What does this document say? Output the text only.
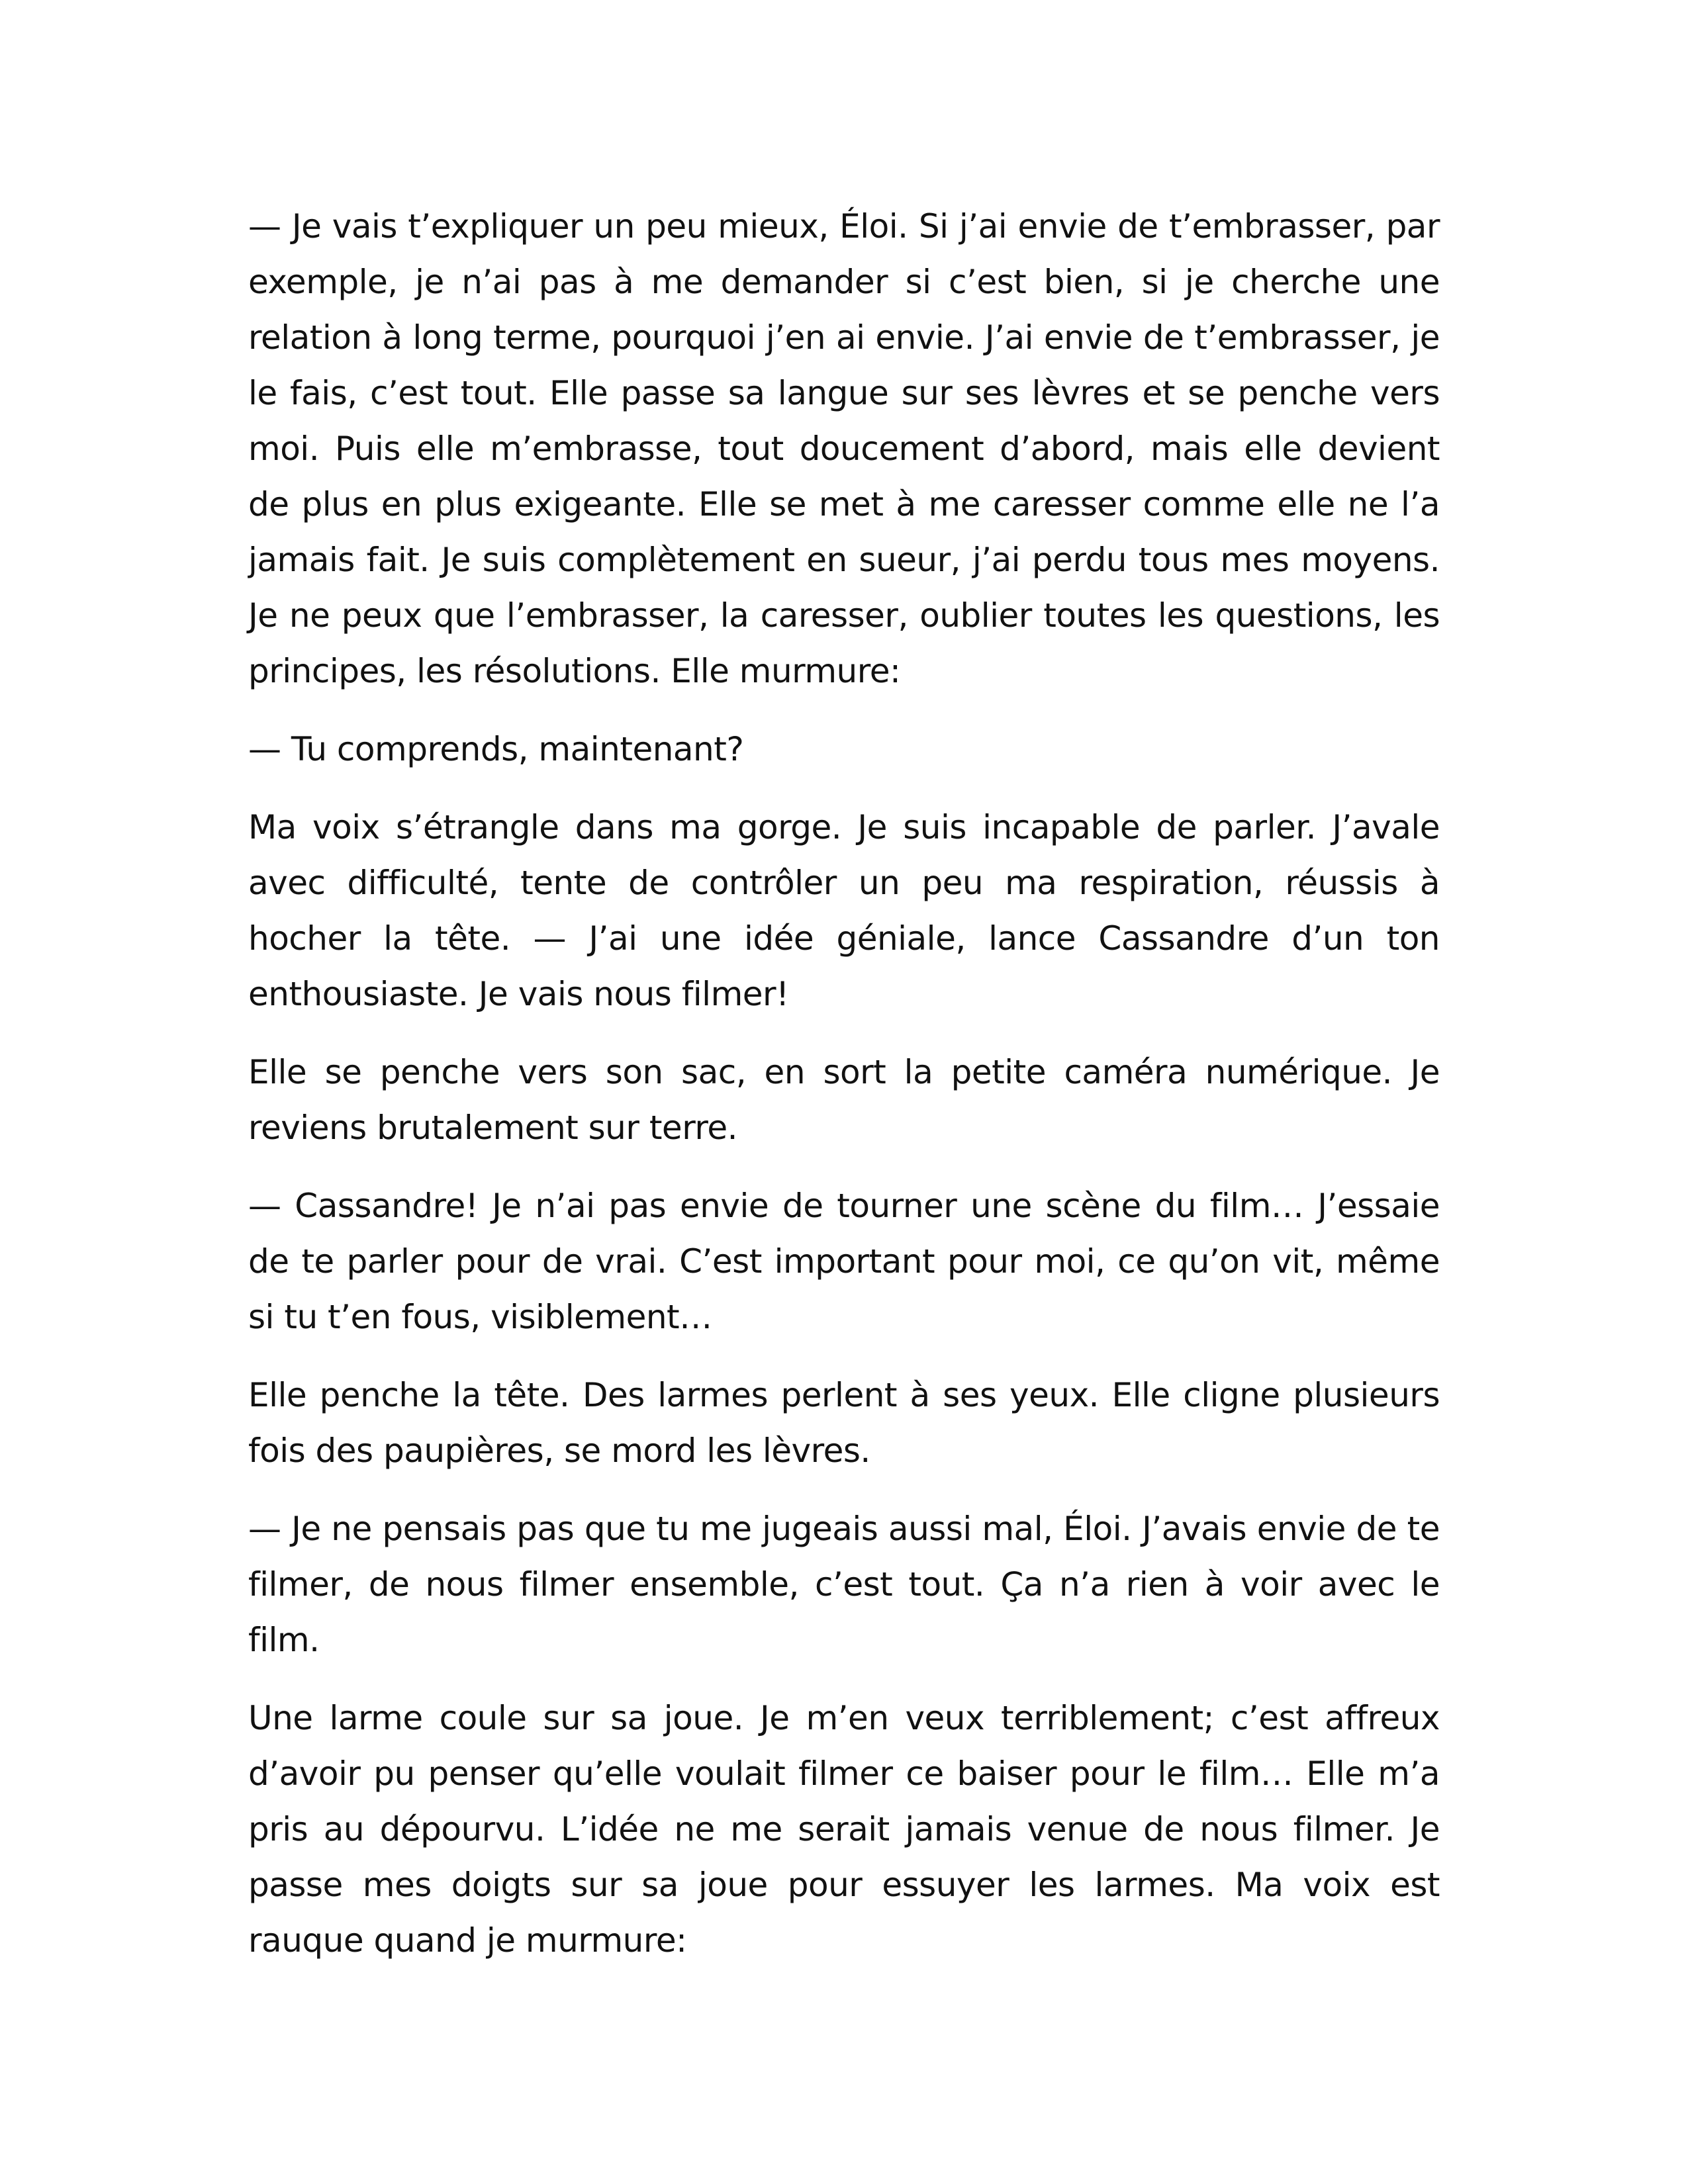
— Je vais t’expliquer un peu mieux, Éloi. Si j’ai envie de t’embrasser, par exemple, je n’ai pas à me demander si c’est bien, si je cherche une relation à long terme, pourquoi j’en ai envie. J’ai envie de t’embrasser, je le fais, c’est tout. Elle passe sa langue sur ses lèvres et se penche vers moi. Puis elle m’embrasse, tout doucement d’abord, mais elle devient de plus en plus exigeante. Elle se met à me caresser comme elle ne l’a jamais fait. Je suis complètement en sueur, j’ai perdu tous mes moyens. Je ne peux que l’embrasser, la caresser, oublier toutes les questions, les principes, les résolutions. Elle murmure:

— Tu comprends, maintenant?

Ma voix s’étrangle dans ma gorge. Je suis incapable de parler. J’avale avec difficulté, tente de contrôler un peu ma respiration, réussis à hocher la tête. — J’ai une idée géniale, lance Cassandre d’un ton enthousiaste. Je vais nous filmer!

Elle se penche vers son sac, en sort la petite caméra numérique. Je reviens brutalement sur terre.

— Cassandre! Je n’ai pas envie de tourner une scène du film… J’essaie de te parler pour de vrai. C’est important pour moi, ce qu’on vit, même si tu t’en fous, visiblement…

Elle penche la tête. Des larmes perlent à ses yeux. Elle cligne plusieurs fois des paupières, se mord les lèvres.

— Je ne pensais pas que tu me jugeais aussi mal, Éloi. J’avais envie de te filmer, de nous filmer ensemble, c’est tout. Ça n’a rien à voir avec le film.

Une larme coule sur sa joue. Je m’en veux terriblement; c’est affreux d’avoir pu penser qu’elle voulait filmer ce baiser pour le film… Elle m’a pris au dépourvu. L’idée ne me serait jamais venue de nous filmer. Je passe mes doigts sur sa joue pour essuyer les larmes. Ma voix est rauque quand je murmure:
